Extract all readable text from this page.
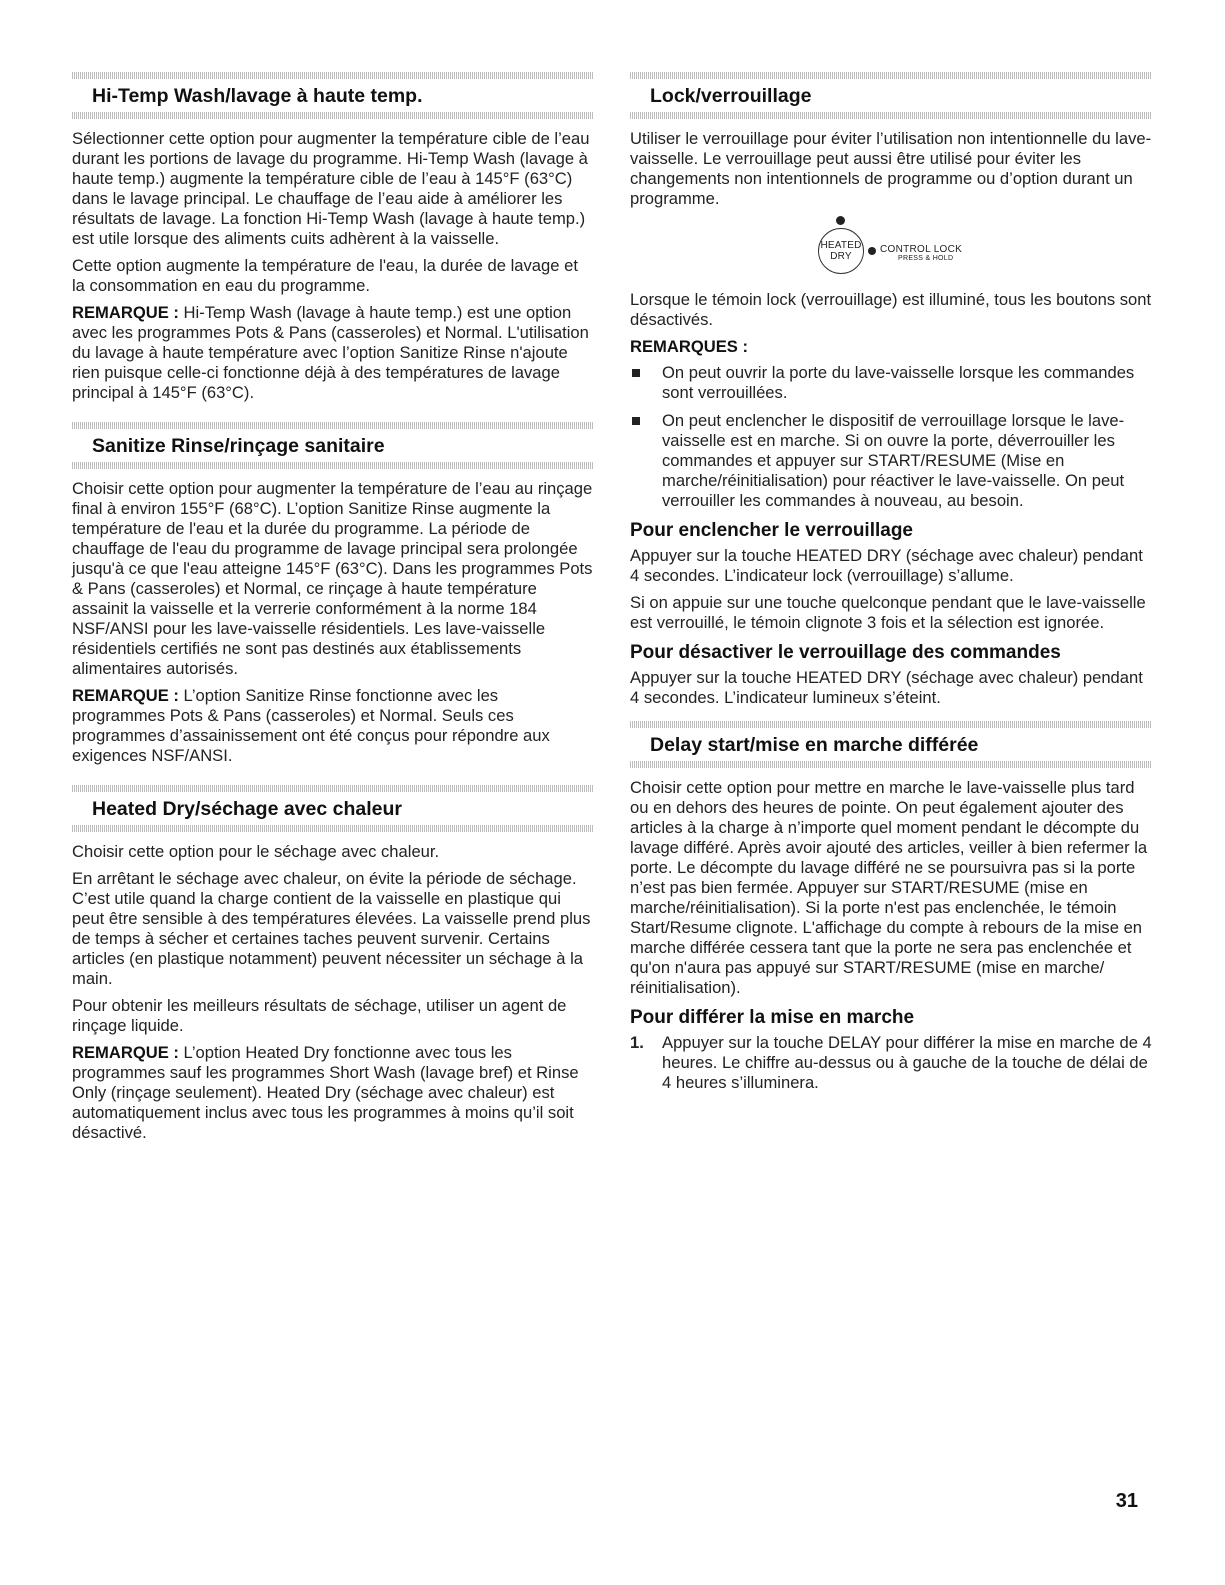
Hi-Temp Wash/lavage à haute temp.

Sélectionner cette option pour augmenter la température cible de l’eau durant les portions de lavage du programme. Hi-Temp Wash (lavage à haute temp.) augmente la température cible de l’eau à 145°F (63°C) dans le lavage principal. Le chauffage de l’eau aide à améliorer les résultats de lavage. La fonction Hi-Temp Wash (lavage à haute temp.) est utile lorsque des aliments cuits adhèrent à la vaisselle.

Cette option augmente la température de l'eau, la durée de lavage et la consommation en eau du programme.

REMARQUE : Hi-Temp Wash (lavage à haute temp.) est une option avec les programmes Pots & Pans (casseroles) et Normal. L'utilisation du lavage à haute température avec l’option Sanitize Rinse n'ajoute rien puisque celle-ci fonctionne déjà à des températures de lavage principal à 145°F (63°C).

Sanitize Rinse/rinçage sanitaire

Choisir cette option pour augmenter la température de l’eau au rinçage final à environ 155°F (68°C). L’option Sanitize Rinse augmente la température de l'eau et la durée du programme. La période de chauffage de l'eau du programme de lavage principal sera prolongée jusqu'à ce que l'eau atteigne 145°F (63°C). Dans les programmes Pots & Pans (casseroles) et Normal, ce rinçage à haute température assainit la vaisselle et la verrerie conformément à la norme 184 NSF/ANSI pour les lave-vaisselle résidentiels. Les lave-vaisselle résidentiels certifiés ne sont pas destinés aux établissements alimentaires autorisés.

REMARQUE : L’option Sanitize Rinse fonctionne avec les programmes Pots & Pans (casseroles) et Normal. Seuls ces programmes d’assainissement ont été conçus pour répondre aux exigences NSF/ANSI.

Heated Dry/séchage avec chaleur

Choisir cette option pour le séchage avec chaleur.

En arrêtant le séchage avec chaleur, on évite la période de séchage. C’est utile quand la charge contient de la vaisselle en plastique qui peut être sensible à des températures élevées. La vaisselle prend plus de temps à sécher et certaines taches peuvent survenir. Certains articles (en plastique notamment) peuvent nécessiter un séchage à la main.

Pour obtenir les meilleurs résultats de séchage, utiliser un agent de rinçage liquide.

REMARQUE : L’option Heated Dry fonctionne avec tous les programmes sauf les programmes Short Wash (lavage bref) et Rinse Only (rinçage seulement). Heated Dry (séchage avec chaleur) est automatiquement inclus avec tous les programmes à moins qu’il soit désactivé.

Lock/verrouillage

Utiliser le verrouillage pour éviter l’utilisation non intentionnelle du lave-vaisselle. Le verrouillage peut aussi être utilisé pour éviter les changements non intentionnels de programme ou d’option durant un programme.

HEATED
DRY
CONTROL LOCK
PRESS & HOLD

Lorsque le témoin lock (verrouillage) est illuminé, tous les boutons sont désactivés.

REMARQUES :

On peut ouvrir la porte du lave-vaisselle lorsque les commandes sont verrouillées.
On peut enclencher le dispositif de verrouillage lorsque le lave-vaisselle est en marche. Si on ouvre la porte, déverrouiller les commandes et appuyer sur START/RESUME (Mise en marche/réinitialisation) pour réactiver le lave-vaisselle. On peut verrouiller les commandes à nouveau, au besoin.
Pour enclencher le verrouillage

Appuyer sur la touche HEATED DRY (séchage avec chaleur) pendant 4 secondes. L’indicateur lock (verrouillage) s’allume.

Si on appuie sur une touche quelconque pendant que le lave-vaisselle est verrouillé, le témoin clignote 3 fois et la sélection est ignorée.

Pour désactiver le verrouillage des commandes

Appuyer sur la touche HEATED DRY (séchage avec chaleur) pendant 4 secondes. L’indicateur lumineux s’éteint.

Delay start/mise en marche différée

Choisir cette option pour mettre en marche le lave-vaisselle plus tard ou en dehors des heures de pointe. On peut également ajouter des articles à la charge à n’importe quel moment pendant le décompte du lavage différé. Après avoir ajouté des articles, veiller à bien refermer la porte. Le décompte du lavage différé ne se poursuivra pas si la porte n’est pas bien fermée. Appuyer sur START/RESUME (mise en marche/réinitialisation). Si la porte n'est pas enclenchée, le témoin Start/Resume clignote. L'affichage du compte à rebours de la mise en marche différée cessera tant que la porte ne sera pas enclenchée et qu'on n'aura pas appuyé sur START/RESUME (mise en marche/ réinitialisation).

Pour différer la mise en marche
1. Appuyer sur la touche DELAY pour différer la mise en marche de 4 heures. Le chiffre au-dessus ou à gauche de la touche de délai de 4 heures s’illuminera.
31
